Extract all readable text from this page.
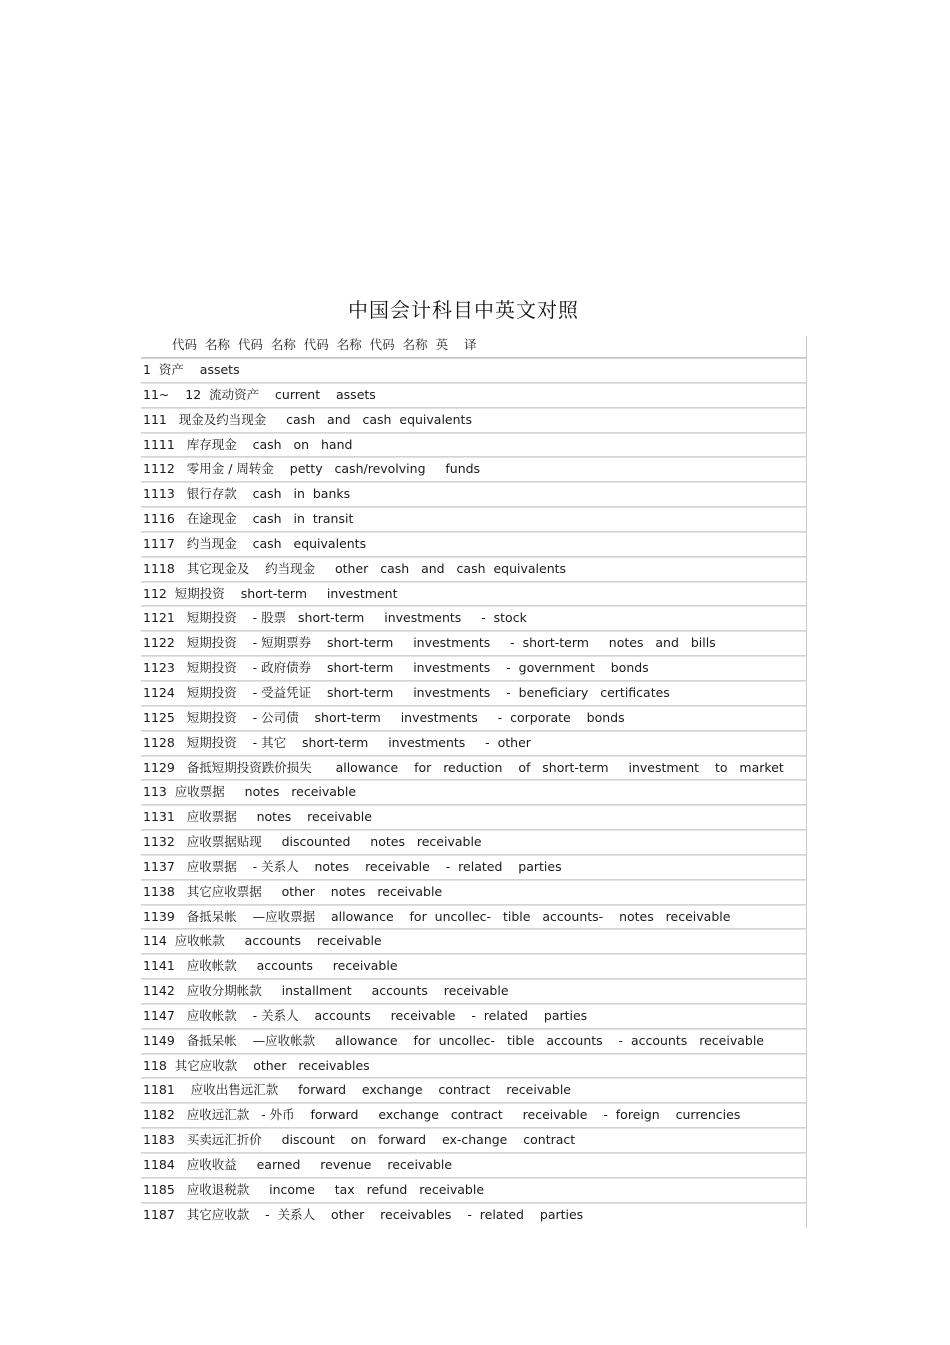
中国会计科目中英文对照
代码  名称  代码  名称  代码  名称  代码  名称  英    译
1  资产    assets
11~    12  流动资产    current    assets
111   现金及约当现金     cash   and   cash  equivalents
1111   库存现金    cash   on   hand
1112   零用金 / 周转金    petty   cash/revolving     funds
1113   银行存款    cash   in  banks
1116   在途现金    cash   in  transit
1117   约当现金    cash   equivalents
1118   其它现金及    约当现金     other   cash   and   cash  equivalents
112  短期投资    short-term     investment
1121   短期投资    - 股票   short-term     investments     -  stock
1122   短期投资    - 短期票券    short-term     investments     -  short-term     notes   and   bills
1123   短期投资    - 政府债券    short-term     investments    -  government    bonds
1124   短期投资    - 受益凭证    short-term     investments    -  beneficiary   certificates
1125   短期投资    - 公司债    short-term     investments     -  corporate    bonds
1128   短期投资    - 其它    short-term     investments     -  other
1129   备抵短期投资跌价损失      allowance    for   reduction    of   short-term     investment    to   market
113  应收票据     notes   receivable
1131   应收票据     notes    receivable
1132   应收票据贴现     discounted     notes   receivable
1137   应收票据    - 关系人    notes    receivable    -  related    parties
1138   其它应收票据     other    notes   receivable
1139   备抵呆帐    —应收票据    allowance    for  uncollec-   tible   accounts-    notes   receivable
114  应收帐款     accounts    receivable
1141   应收帐款     accounts     receivable
1142   应收分期帐款     installment     accounts    receivable
1147   应收帐款    - 关系人    accounts     receivable    -  related    parties
1149   备抵呆帐    —应收帐款     allowance    for  uncollec-   tible   accounts    -  accounts   receivable
118  其它应收款    other   receivables
1181    应收出售远汇款     forward    exchange    contract    receivable
1182   应收远汇款   - 外币    forward     exchange   contract     receivable    -  foreign    currencies
1183   买卖远汇折价     discount    on   forward    ex-change    contract
1184   应收收益     earned     revenue    receivable
1185   应收退税款     income     tax   refund   receivable
1187   其它应收款    -  关系人    other    receivables    -  related    parties
